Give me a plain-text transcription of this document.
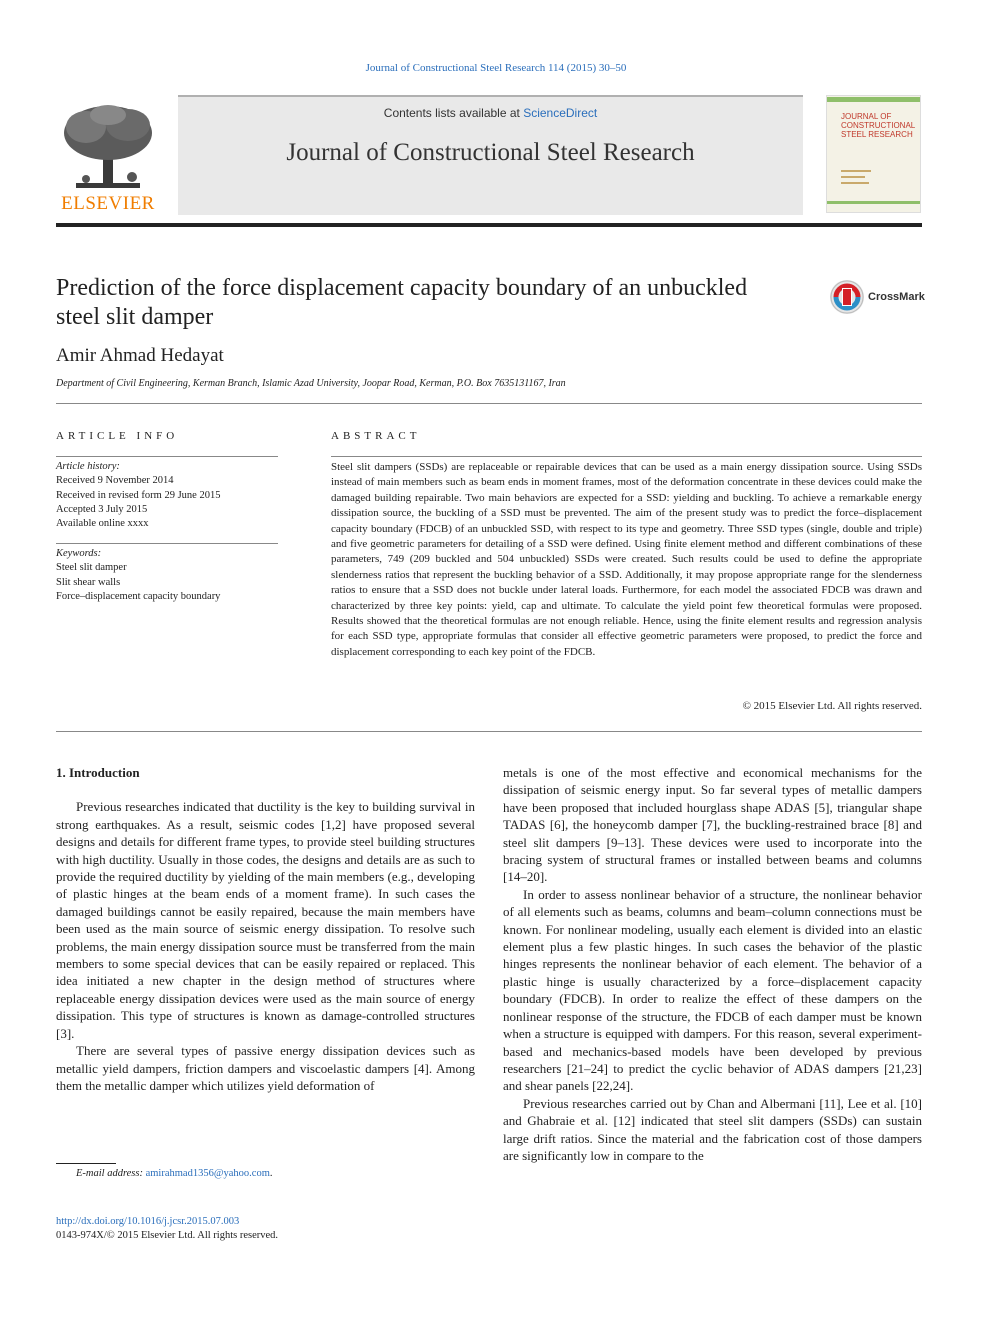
Journal of Constructional Steel Research 114 (2015) 30–50
ELSEVIER
Contents lists available at ScienceDirect
Journal of Constructional Steel Research
JOURNAL OF CONSTRUCTIONAL STEEL RESEARCH
Prediction of the force displacement capacity boundary of an unbuckled steel slit damper
CrossMark
Amir Ahmad Hedayat
Department of Civil Engineering, Kerman Branch, Islamic Azad University, Joopar Road, Kerman, P.O. Box 7635131167, Iran
ARTICLE INFO
Article history:
Received 9 November 2014
Received in revised form 29 June 2015
Accepted 3 July 2015
Available online xxxx
Keywords:
Steel slit damper
Slit shear walls
Force–displacement capacity boundary
ABSTRACT
Steel slit dampers (SSDs) are replaceable or repairable devices that can be used as a main energy dissipation source. Using SSDs instead of main members such as beam ends in moment frames, most of the deformation concentrate in these devices could make the damaged building repairable. Two main behaviors are expected for a SSD: yielding and buckling. To achieve a remarkable energy dissipation source, the buckling of a SSD must be prevented. The aim of the present study was to predict the force–displacement capacity boundary (FDCB) of an unbuckled SSD, with respect to its type and geometry. Three SSD types (single, double and triple) and five geometric parameters for detailing of a SSD were defined. Using finite element method and different combinations of these parameters, 749 (209 buckled and 504 unbuckled) SSDs were created. Such results could be used to define the appropriate slenderness ratios that represent the buckling behavior of a SSD. Additionally, it may propose appropriate range for the slenderness ratios to ensure that a SSD does not buckle under lateral loads. Furthermore, for each model the associated FDCB was drawn and characterized by three key points: yield, cap and ultimate. To calculate the yield point few theoretical formulas were proposed. Results showed that the theoretical formulas are not enough reliable. Hence, using the finite element results and regression analysis for each SSD type, appropriate formulas that consider all effective geometric parameters were proposed, to predict the force and displacement corresponding to each key point of the FDCB.
© 2015 Elsevier Ltd. All rights reserved.
1. Introduction

Previous researches indicated that ductility is the key to building survival in strong earthquakes. As a result, seismic codes [1,2] have proposed several designs and details for different frame types, to provide steel building structures with high ductility. Usually in those codes, the designs and details are as such to provide the required ductility by yielding of the main members (e.g., developing of plastic hinges at the beam ends of a moment frame). In such cases the damaged buildings cannot be easily repaired, because the main members have been used as the main source of seismic energy dissipation. To resolve such problems, the main energy dissipation source must be transferred from the main members to some special devices that can be easily repaired or replaced. This idea initiated a new chapter in the design method of structures where replaceable energy dissipation devices were used as the main source of energy dissipation. This type of structures is known as damage-controlled structures [3].

There are several types of passive energy dissipation devices such as metallic yield dampers, friction dampers and viscoelastic dampers [4]. Among them the metallic damper which utilizes yield deformation of

metals is one of the most effective and economical mechanisms for the dissipation of seismic energy input. So far several types of metallic dampers have been proposed that included hourglass shape ADAS [5], triangular shape TADAS [6], the honeycomb damper [7], the buckling-restrained brace [8] and steel slit dampers [9–13]. These devices were used to incorporate into the bracing system of structural frames or installed between beams and columns [14–20].

In order to assess nonlinear behavior of a structure, the nonlinear behavior of all elements such as beams, columns and beam–column connections must be known. For nonlinear modeling, usually each element is divided into an elastic element plus a few plastic hinges. In such cases the behavior of the plastic hinges represents the nonlinear behavior of each element. The behavior of a plastic hinge is usually characterized by a force–displacement capacity boundary (FDCB). In order to realize the effect of these dampers on the nonlinear response of the structure, the FDCB of each damper must be known when a structure is equipped with dampers. For this reason, several experiment-based and mechanics-based models have been developed by previous researchers [21–24] to predict the cyclic behavior of ADAS dampers [21,23] and shear panels [22,24].

Previous researches carried out by Chan and Albermani [11], Lee et al. [10] and Ghabraie et al. [12] indicated that steel slit dampers (SSDs) can sustain large drift ratios. Since the material and the fabrication cost of those dampers are significantly low in compare to the

E-mail address: amirahmad1356@yahoo.com.
http://dx.doi.org/10.1016/j.jcsr.2015.07.003
0143-974X/© 2015 Elsevier Ltd. All rights reserved.
